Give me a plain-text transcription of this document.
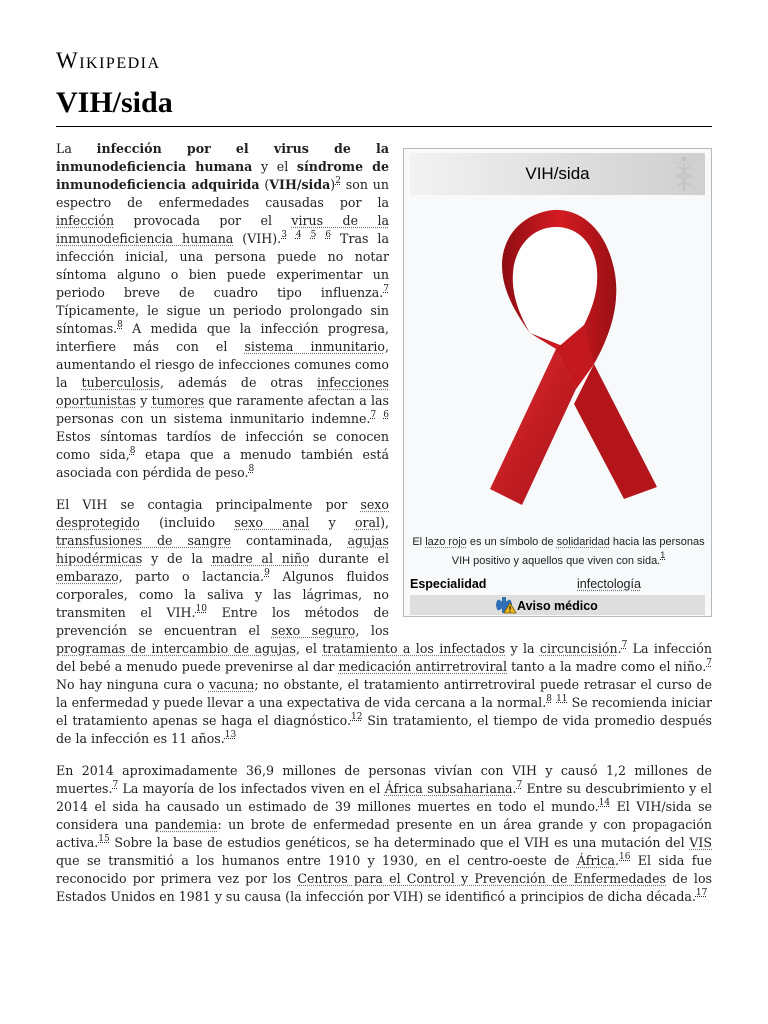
Wikipedia
VIH/sida
VIH/sida
El lazo rojo es un símbolo de solidaridad hacia las personas VIH positivo y aquellos que viven con sida.$^1$
Especialidad	infectología
Aviso médico

La infección por el virus de la inmunodeficiencia humana y el síndrome de inmunodeficiencia adquirida (VIH/sida)$^2$ son un espectro de enfermedades causadas por la infección provocada por el virus de la inmunodeficiencia humana (VIH).$^3$ $^4$ $^5$ $^6$ Tras la infección inicial, una persona puede no notar síntoma alguno o bien puede experimentar un periodo breve de cuadro tipo influenza.$^7$ Típicamente, le sigue un periodo prolongado sin síntomas.$^8$ A medida que la infección progresa, interfiere más con el sistema inmunitario, aumentando el riesgo de infecciones comunes como la tuberculosis, además de otras infecciones oportunistas y tumores que raramente afectan a las personas con un sistema inmunitario indemne.$^7$ $^6$ Estos síntomas tardíos de infección se conocen como sida,$^8$ etapa que a menudo también está asociada con pérdida de peso.$^8$

El VIH se contagia principalmente por sexo desprotegido (incluido sexo anal y oral), transfusiones de sangre contaminada, agujas hipodérmicas y de la madre al niño durante el embarazo, parto o lactancia.$^9$ Algunos fluidos corporales, como la saliva y las lágrimas, no transmiten el VIH.$^{10}$ Entre los métodos de prevención se encuentran el sexo seguro, los programas de intercambio de agujas, el tratamiento a los infectados y la circuncisión.$^7$ La infección del bebé a menudo puede prevenirse al dar medicación antirretroviral tanto a la madre como el niño.$^7$ No hay ninguna cura o vacuna; no obstante, el tratamiento antirretroviral puede retrasar el curso de la enfermedad y puede llevar a una expectativa de vida cercana a la normal.$^8$ $^{11}$ Se recomienda iniciar el tratamiento apenas se haga el diagnóstico.$^{12}$ Sin tratamiento, el tiempo de vida promedio después de la infección es 11 años.$^{13}$

En 2014 aproximadamente 36,9 millones de personas vivían con VIH y causó 1,2 millones de muertes.$^7$ La mayoría de los infectados viven en el África subsahariana.$^7$ Entre su descubrimiento y el 2014 el sida ha causado un estimado de 39 millones muertes en todo el mundo.$^{14}$ El VIH/sida se considera una pandemia: un brote de enfermedad presente en un área grande y con propagación activa.$^{15}$ Sobre la base de estudios genéticos, se ha determinado que el VIH es una mutación del VIS que se transmitió a los humanos entre 1910 y 1930, en el centro-oeste de África.$^{16}$ El sida fue reconocido por primera vez por los Centros para el Control y Prevención de Enfermedades de los Estados Unidos en 1981 y su causa (la infección por VIH) se identificó a principios de dicha década.$^{17}$
